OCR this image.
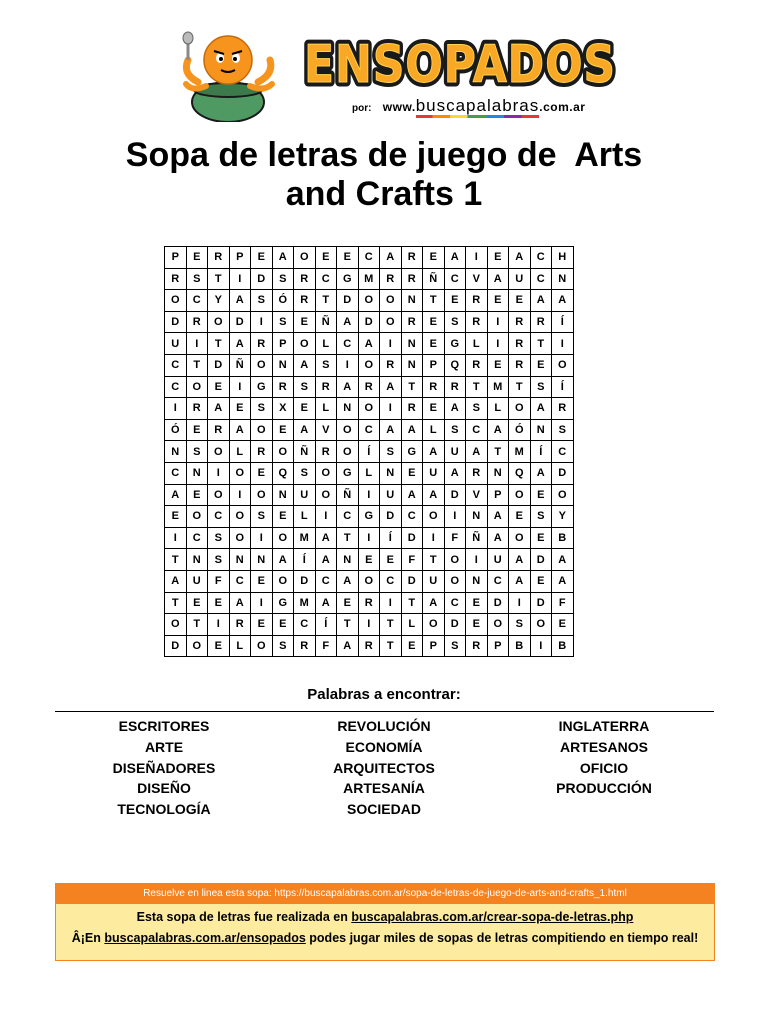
ENSOPADOS
ENSOPADOS
por: www.buscapalabras.com.ar
Sopa de letras de juego de  Arts
and Crafts 1
P	E	R	P	E	A	O	E	E	C	A	R	E	A	I	E	A	C	H
R	S	T	I	D	S	R	C	G	M	R	R	Ñ	C	V	A	U	C	N
O	C	Y	A	S	Ó	R	T	D	O	O	N	T	E	R	E	E	A	A
D	R	O	D	I	S	E	Ñ	A	D	O	R	E	S	R	I	R	R	Í
U	I	T	A	R	P	O	L	C	A	I	N	E	G	L	I	R	T	I
C	T	D	Ñ	O	N	A	S	I	O	R	N	P	Q	R	E	R	E	O
C	O	E	I	G	R	S	R	A	R	A	T	R	R	T	M	T	S	Í
I	R	A	E	S	X	E	L	N	O	I	R	E	A	S	L	O	A	R
Ó	E	R	A	O	E	A	V	O	C	A	A	L	S	C	A	Ó	N	S
N	S	O	L	R	O	Ñ	R	O	Í	S	G	A	U	A	T	M	Í	C
C	N	I	O	E	Q	S	O	G	L	N	E	U	A	R	N	Q	A	D
A	E	O	I	O	N	U	O	Ñ	I	U	A	A	D	V	P	O	E	O
E	O	C	O	S	E	L	I	C	G	D	C	O	I	N	A	E	S	Y
I	C	S	O	I	O	M	A	T	I	Í	D	I	F	Ñ	A	O	E	B
T	N	S	N	N	A	Í	A	N	E	E	F	T	O	I	U	A	D	A
A	U	F	C	E	O	D	C	A	O	C	D	U	O	N	C	A	E	A
T	E	E	A	I	G	M	A	E	R	I	T	A	C	E	D	I	D	F
O	T	I	R	E	E	C	Í	T	I	T	L	O	D	E	O	S	O	E
D	O	E	L	O	S	R	F	A	R	T	E	P	S	R	P	B	I	B
Palabras a encontrar:
ESCRITORES
ARTE
DISEÑADORES
DISEÑO
TECNOLOGÍA
REVOLUCIÓN
ECONOMÍA
ARQUITECTOS
ARTESANÍA
SOCIEDAD
INGLATERRA
ARTESANOS
OFICIO
PRODUCCIÓN
Resuelve en linea esta sopa: https://buscapalabras.com.ar/sopa-de-letras-de-juego-de-arts-and-crafts_1.html
Esta sopa de letras fue realizada en buscapalabras.com.ar/crear-sopa-de-letras.php
Â¡En buscapalabras.com.ar/ensopados podes jugar miles de sopas de letras compitiendo en tiempo real!
